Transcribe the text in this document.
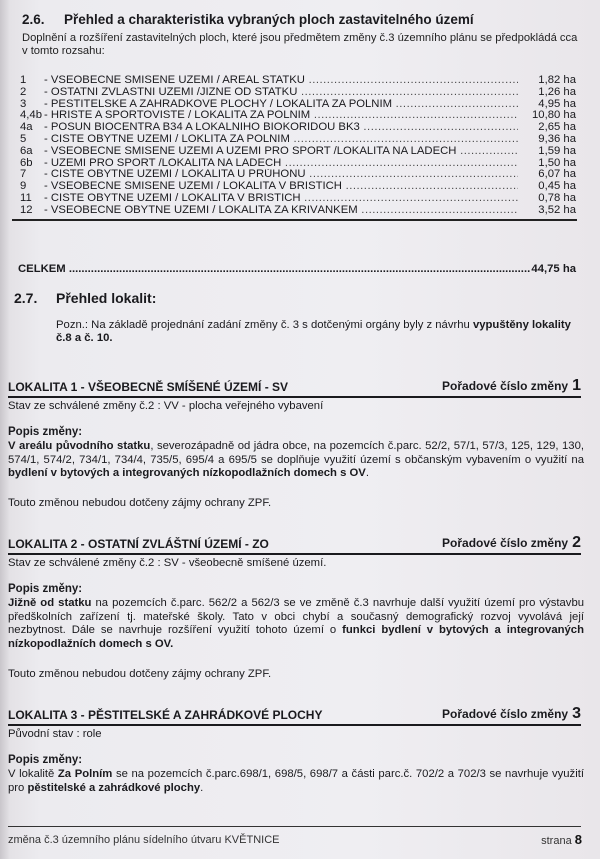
2.6. Přehled a charakteristika vybraných ploch zastavitelného území
Doplnění a rozšíření zastavitelných ploch, které jsou předmětem změny č.3 územního plánu se předpokládá cca v tomto rozsahu:
1	- VŠEOBECNĚ SMÍŠENÉ ÚZEMÍ / AREÁL STATKU .....	1,82 ha
2	- OSTATNÍ ZVLÁŠTNÍ ÚZEMÍ /JIŽNĚ OD STATKU .....	1,26 ha
3	- PĚSTITELSKÉ A ZAHRÁDKOVÉ PLOCHY / LOKALITA ZA POLNÍM .....	4,95 ha
4,4b - HŘIŠTĚ A SPORTOVIŠTĚ / LOKALITA ZA POLNÍM .....	10,80 ha
4a	- POSUN BIOCENTRA B34 A LOKÁLNÍHO BIOKORIDOU BK3 .....	2,65 ha
5	- ČISTÉ OBYTNÉ ÚZEMÍ / LOKLITA ZA POLNÍM .....	9,36 ha
6a	- VŠEOBECNĚ SMÍŠENÉ ÚZEMÍ A ÚZEMÍ PRO SPORT /LOKALITA NA LADECH .....	1,59 ha
6b	- ÚZEMÍ PRO SPORT /LOKALITA NA LADECH .....	1,50 ha
7	- ČISTÉ OBYTNÉ ÚZEMÍ / LOKALITA U PRŮHONU .....	6,07 ha
9	- VŠEOBECNĚ SMÍŠENÉ ÚZEMÍ / LOKALITA V BŘIŠTÍCH .....	0,45 ha
11	- ČISTÉ OBYTNÉ ÚZEMÍ / LOKALITA V BŘIŠTÍCH .....	0,78 ha
12	- VŠEOBECNĚ OBYTNÉ ÚZEMÍ / LOKALITA ZA KŘIVÁNKEM .....	3,52 ha
CELKEM .....	44,75 ha
2.7. Přehled lokalit:
Pozn.: Na základě projednání zadání změny č. 3 s dotčenými orgány byly z návrhu vypuštěny lokality č.8 a č. 10.
LOKALITA 1 - VŠEOBECNĚ SMÍŠENÉ ÚZEMÍ - SV	Pořadové číslo změny 1
Stav ze schválené změny č.2 : VV - plocha veřejného vybavení
Popis změny:
V areálu původního statku, severozápadně od jádra obce, na pozemcích č.parc. 52/2, 57/1, 57/3, 125, 129, 130, 574/1, 574/2, 734/1, 734/4, 735/5, 695/4 a 695/5 se doplňuje využití území s občanským vybavením o využití na bydlení v bytových a integrovaných nízkopodlažních domech s OV.
Touto změnou nebudou dotčeny zájmy ochrany ZPF.
LOKALITA 2 - OSTATNÍ ZVLÁŠTNÍ ÚZEMÍ - ZO	Pořadové číslo změny 2
Stav ze schválené změny č.2 : SV - všeobecně smíšené území.
Popis změny:
Jižně od statku na pozemcích č.parc. 562/2 a 562/3 se ve změně č.3 navrhuje další využití území pro výstavbu předškolních zařízení tj. mateřské školy. Tato v obci chybí a současný demografický rozvoj vyvolává její nezbytnost. Dále se navrhuje rozšíření využití tohoto území o funkci bydlení v bytových a integrovaných nízkopodlažních domech s OV.
Touto změnou nebudou dotčeny zájmy ochrany ZPF.
LOKALITA 3 - PĚSTITELSKÉ A ZAHRÁDKOVÉ PLOCHY	Pořadové číslo změny 3
Původní stav : role
Popis změny:
V lokalitě Za Polním se na pozemcích č.parc.698/1, 698/5, 698/7 a části parc.č. 702/2 a 702/3 se navrhuje využití pro pěstitelské a zahrádkové plochy.
změna č.3 územního plánu sídelního útvaru KVĚTNICE	strana 8
